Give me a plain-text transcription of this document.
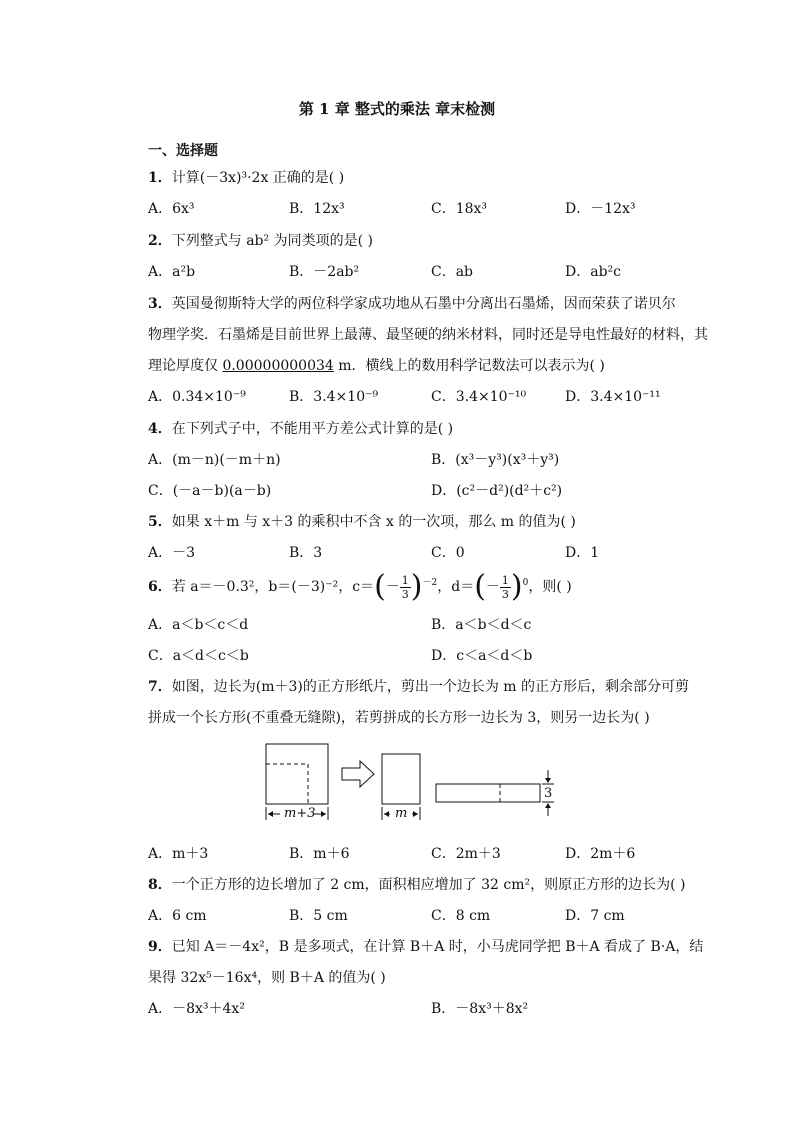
第 1 章 整式的乘法 章末检测
一、选择题
1．计算(－3x)³·2x 正确的是( )
A．6x³	B．12x³	C．18x³	D．－12x³
2．下列整式与 ab² 为同类项的是( )
A．a²b	B．－2ab²	C．ab	D．ab²c
3．英国曼彻斯特大学的两位科学家成功地从石墨中分离出石墨烯，因而荣获了诺贝尔
物理学奖．石墨烯是目前世界上最薄、最坚硬的纳米材料，同时还是导电性最好的材料，其
理论厚度仅 0.00000000034 m．横线上的数用科学记数法可以表示为( )
A．0.34×10⁻⁹	B．3.4×10⁻⁹	C．3.4×10⁻¹⁰	D．3.4×10⁻¹¹
4．在下列式子中，不能用平方差公式计算的是( )
A．(m－n)(－m＋n)	B．(x³－y³)(x³＋y³)
C．(－a－b)(a－b)	D．(c²－d²)(d²＋c²)
5．如果 x＋m 与 x＋3 的乘积中不含 x 的一次项，那么 m 的值为( )
A．－3	B．3	C．0	D．1
6．若 a＝－0.3²，b＝(－3)⁻²，$c=(- \frac{1}{3} )^{-2}$，$d=(- \frac{1}{3} )^0$，则( )
A．a＜b＜c＜d	B．a＜b＜d＜c
C．a＜d＜c＜b	D．c＜a＜d＜b
7．如图，边长为(m＋3)的正方形纸片，剪出一个边长为 m 的正方形后，剩余部分可剪
拼成一个长方形(不重叠无缝隙)，若剪拼成的长方形一边长为 3，则另一边长为( )
m+3	m
3
A．m＋3	B．m＋6	C．2m＋3	D．2m＋6
8．一个正方形的边长增加了 2 cm，面积相应增加了 32 cm²，则原正方形的边长为( )
A．6 cm	B．5 cm	C．8 cm	D．7 cm
9．已知 A＝－4x²，B 是多项式，在计算 B＋A 时，小马虎同学把 B＋A 看成了 B·A，结
果得 32x⁵－16x⁴，则 B＋A 的值为( )
A．－8x³＋4x²	B．－8x³＋8x²
